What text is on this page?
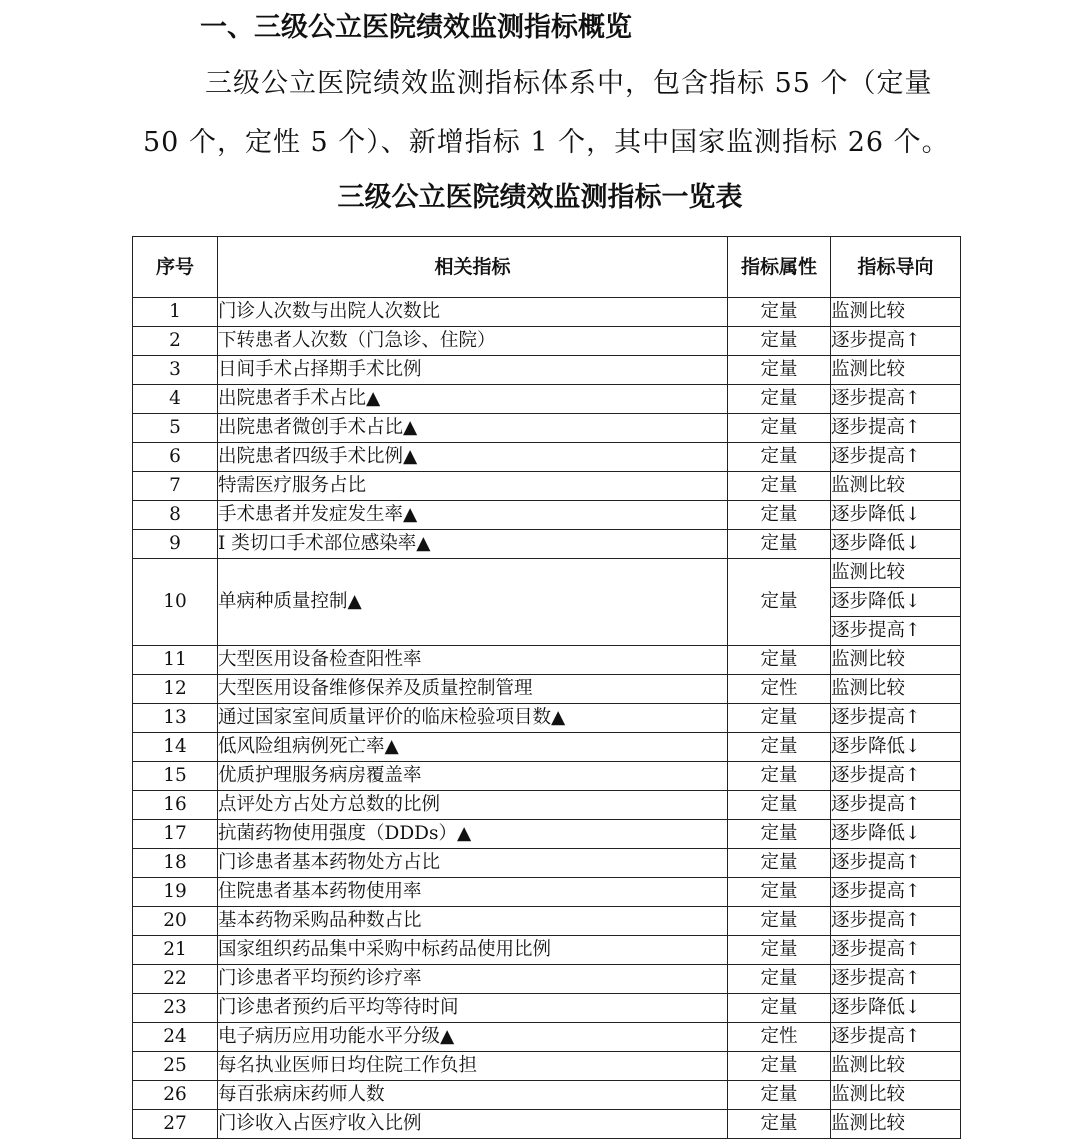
一、三级公立医院绩效监测指标概览

三级公立医院绩效监测指标体系中，包含指标 55 个（定量

50 个，定性 5 个）、新增指标 1 个，其中国家监测指标 26 个。

三级公立医院绩效监测指标一览表
序号	相关指标	指标属性	指标导向
1	门诊人次数与出院人次数比	定量	监测比较
2	下转患者人次数（门急诊、住院）	定量	逐步提高↑
3	日间手术占择期手术比例	定量	监测比较
4	出院患者手术占比▲	定量	逐步提高↑
5	出院患者微创手术占比▲	定量	逐步提高↑
6	出院患者四级手术比例▲	定量	逐步提高↑
7	特需医疗服务占比	定量	监测比较
8	手术患者并发症发生率▲	定量	逐步降低↓
9	I 类切口手术部位感染率▲	定量	逐步降低↓
10	单病种质量控制▲	定量	监测比较
			逐步降低↓
			逐步提高↑
11	大型医用设备检查阳性率	定量	监测比较
12	大型医用设备维修保养及质量控制管理	定性	监测比较
13	通过国家室间质量评价的临床检验项目数▲	定量	逐步提高↑
14	低风险组病例死亡率▲	定量	逐步降低↓
15	优质护理服务病房覆盖率	定量	逐步提高↑
16	点评处方占处方总数的比例	定量	逐步提高↑
17	抗菌药物使用强度（DDDs）▲	定量	逐步降低↓
18	门诊患者基本药物处方占比	定量	逐步提高↑
19	住院患者基本药物使用率	定量	逐步提高↑
20	基本药物采购品种数占比	定量	逐步提高↑
21	国家组织药品集中采购中标药品使用比例	定量	逐步提高↑
22	门诊患者平均预约诊疗率	定量	逐步提高↑
23	门诊患者预约后平均等待时间	定量	逐步降低↓
24	电子病历应用功能水平分级▲	定性	逐步提高↑
25	每名执业医师日均住院工作负担	定量	监测比较
26	每百张病床药师人数	定量	监测比较
27	门诊收入占医疗收入比例	定量	监测比较
